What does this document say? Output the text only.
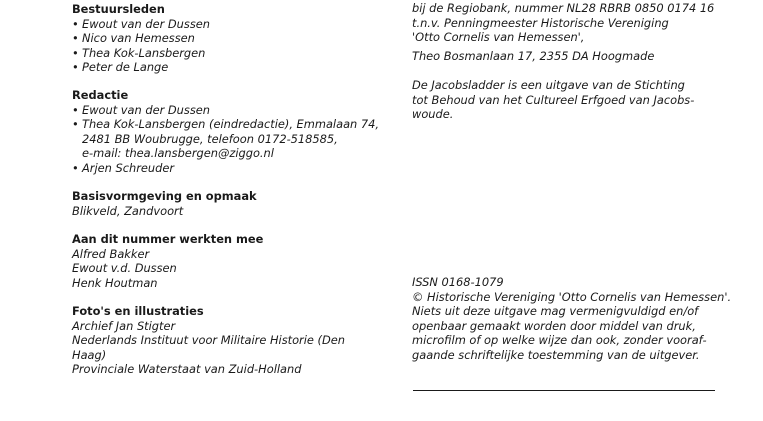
Bestuursleden
• Ewout van der Dussen
• Nico van Hemessen
• Thea Kok-Lansbergen
• Peter de Lange
Redactie
• Ewout van der Dussen
• Thea Kok-Lansbergen (eindredactie), Emmalaan 74,
2481 BB Woubrugge, telefoon 0172-518585,
e-mail: thea.lansbergen@ziggo.nl
• Arjen Schreuder
Basisvormgeving en opmaak
Blikveld, Zandvoort
Aan dit nummer werkten mee
Alfred Bakker
Ewout v.d. Dussen
Henk Houtman
Foto's en illustraties
Archief Jan Stigter
Nederlands Instituut voor Militaire Historie (Den
Haag)
Provinciale Waterstaat van Zuid-Holland
bij de Regiobank, nummer NL28 RBRB 0850 0174 16
t.n.v. Penningmeester Historische Vereniging
'Otto Cornelis van Hemessen',
Theo Bosmanlaan 17, 2355 DA Hoogmade
De Jacobsladder is een uitgave van de Stichting
tot Behoud van het Cultureel Erfgoed van Jacobs-
woude.
ISSN 0168-1079
© Historische Vereniging 'Otto Cornelis van Hemessen'.
Niets uit deze uitgave mag vermenigvuldigd en/of
openbaar gemaakt worden door middel van druk,
microfilm of op welke wijze dan ook, zonder vooraf-
gaande schriftelijke toestemming van de uitgever.
